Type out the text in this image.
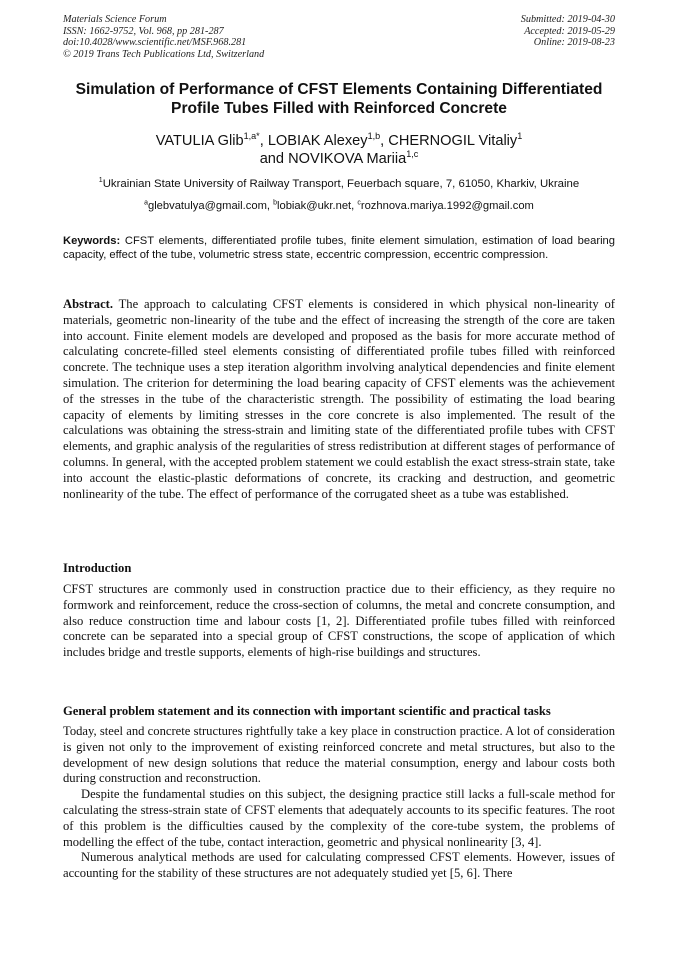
Materials Science Forum
ISSN: 1662-9752, Vol. 968, pp 281-287
doi:10.4028/www.scientific.net/MSF.968.281
© 2019 Trans Tech Publications Ltd, Switzerland
Submitted: 2019-04-30
Accepted: 2019-05-29
Online: 2019-08-23
Simulation of Performance of CFST Elements Containing Differentiated Profile Tubes Filled with Reinforced Concrete
VATULIA Glib$^{1,a*}$, LOBIAK Alexey$^{1,b}$, CHERNOGIL Vitaliy$^1$
and NOVIKOVA Mariia$^{1,c}$
$^1$Ukrainian State University of Railway Transport, Feuerbach square, 7, 61050, Kharkiv, Ukraine
$^a$glebvatulya@gmail.com, $^b$lobiak@ukr.net, $^c$rozhnova.mariya.1992@gmail.com
Keywords: CFST elements, differentiated profile tubes, finite element simulation, estimation of load bearing capacity, effect of the tube, volumetric stress state, eccentric compression, eccentric compression.
Abstract. The approach to calculating CFST elements is considered in which physical non-linearity of materials, geometric non-linearity of the tube and the effect of increasing the strength of the core are taken into account. Finite element models are developed and proposed as the basis for more accurate method of calculating concrete-filled steel elements consisting of differentiated profile tubes filled with reinforced concrete. The technique uses a step iteration algorithm involving analytical dependencies and finite element simulation. The criterion for determining the load bearing capacity of CFST elements was the achievement of the stresses in the tube of the characteristic strength. The possibility of estimating the load bearing capacity of elements by limiting stresses in the core concrete is also implemented. The result of the calculations was obtaining the stress-strain and limiting state of the differentiated profile tubes with CFST elements, and graphic analysis of the regularities of stress redistribution at different stages of performance of columns. In general, with the accepted problem statement we could establish the exact stress-strain state, take into account the elastic-plastic deformations of concrete, its cracking and destruction, and geometric nonlinearity of the tube. The effect of performance of the corrugated sheet as a tube was established.
Introduction
CFST structures are commonly used in construction practice due to their efficiency, as they require no formwork and reinforcement, reduce the cross-section of columns, the metal and concrete consumption, and also reduce construction time and labour costs [1, 2]. Differentiated profile tubes filled with reinforced concrete can be separated into a special group of CFST constructions, the scope of application of which includes bridge and trestle supports, elements of high-rise buildings and structures.
General problem statement and its connection with important scientific and practical tasks

Today, steel and concrete structures rightfully take a key place in construction practice. A lot of consideration is given not only to the improvement of existing reinforced concrete and metal structures, but also to the development of new design solutions that reduce the material consumption, energy and labour costs both during construction and reconstruction.

Despite the fundamental studies on this subject, the designing practice still lacks a full-scale method for calculating the stress-strain state of CFST elements that adequately accounts to its specific features. The root of this problem is the difficulties caused by the complexity of the core-tube system, the problems of modelling the effect of the tube, contact interaction, geometric and physical nonlinearity [3, 4].

Numerous analytical methods are used for calculating compressed CFST elements. However, issues of accounting for the stability of these structures are not adequately studied yet [5, 6]. There
